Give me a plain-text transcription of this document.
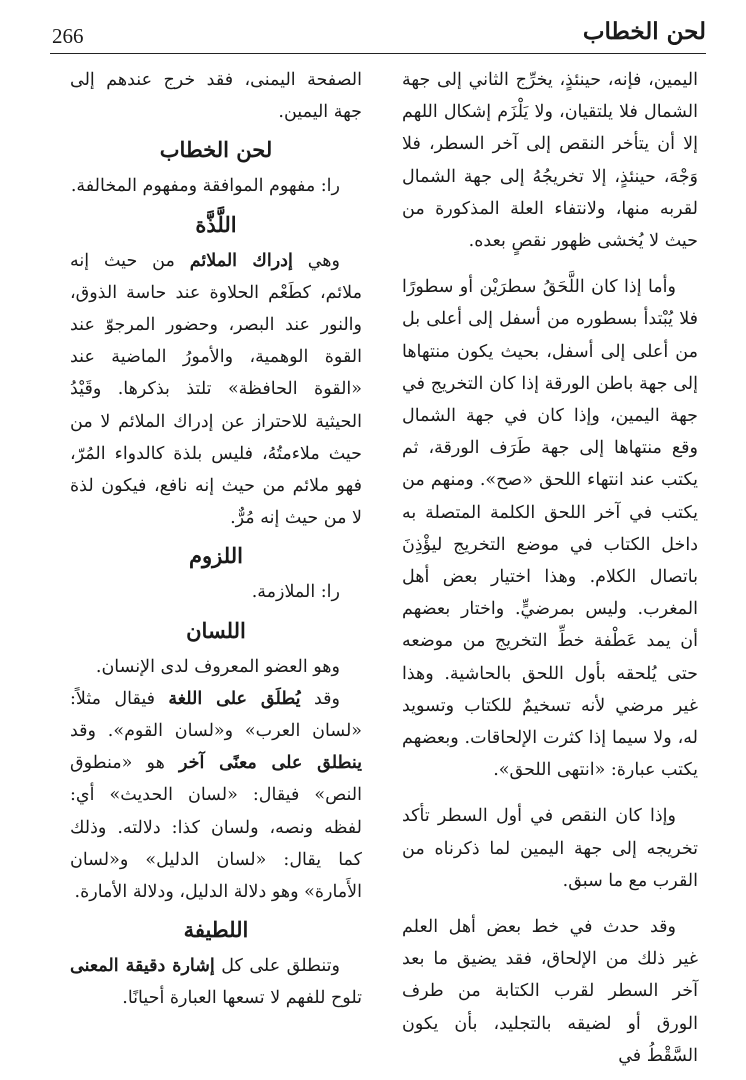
266	لحن الخطاب

اليمين، فإنه، حينئذٍ، يخرِّج الثاني إلى جهة الشمال فلا يلتقيان، ولا يَلْزَم إشكال اللهم إلا أن يتأخر النقص إلى آخر السطر، فلا وَجْهَ، حينئذٍ، إلا تخريجُهُ إلى جهة الشمال لقربه منها، ولانتفاء العلة المذكورة من حيث لا يُخشى ظهور نقصٍ بعده.

وأما إذا كان اللَّحَقُ سطرَيْن أو سطورًا فلا يُبْتدأ بسطوره من أسفل إلى أعلى بل من أعلى إلى أسفل، بحيث يكون منتهاها إلى جهة باطن الورقة إذا كان التخريج في جهة اليمين، وإذا كان في جهة الشمال وقع منتهاها إلى جهة طَرَف الورقة، ثم يكتب عند انتهاء اللحق «صح». ومنهم من يكتب في آخر اللحق الكلمة المتصلة به داخل الكتاب في موضع التخريج ليؤْذِنَ باتصال الكلام. وهذا اختيار بعض أهل المغرب. وليس بمرضيٍّ. واختار بعضهم أن يمد عَطْفة خطِّ التخريج من موضعه حتى يُلحقه بأول اللحق بالحاشية. وهذا غير مرضي لأنه تسخيمٌ للكتاب وتسويد له، ولا سيما إذا كثرت الإلحاقات. وبعضهم يكتب عبارة: «انتهى اللحق».

وإذا كان النقص في أول السطر تأكد تخريجه إلى جهة اليمين لما ذكرناه من القرب مع ما سبق.

وقد حدث في خط بعض أهل العلم غير ذلك من الإلحاق، فقد يضيق ما بعد آخر السطر لقرب الكتابة من طرف الورق أو لضيقه بالتجليد، بأن يكون السَّقْطُ في

الصفحة اليمنى، فقد خرج عندهم إلى جهة اليمين.

لحن الخطاب

را: مفهوم الموافقة ومفهوم المخالفة.

اللَّذَّة

وهي إدراك الملائم من حيث إنه ملائم، كطَعْم الحلاوة عند حاسة الذوق، والنور عند البصر، وحضور المرجوّ عند القوة الوهمية، والأمورُ الماضية عند «القوة الحافظة» تلتذ بذكرها. وقَيْدُ الحيثية للاحتراز عن إدراك الملائم لا من حيث ملاءمتُهُ، فليس بلذة كالدواء المُرّ، فهو ملائم من حيث إنه نافع، فيكون لذة لا من حيث إنه مُرٌّ.

اللزوم

را: الملازمة.

اللسان

وهو العضو المعروف لدى الإنسان.

وقد يُطلَق على اللغة فيقال مثلاً: «لسان العرب» و«لسان القوم». وقد ينطلق على معنًى آخر هو «منطوق النص» فيقال: «لسان الحديث» أي: لفظه ونصه، ولسان كذا: دلالته. وذلك كما يقال: «لسان الدليل» و«لسان الأَمارة» وهو دلالة الدليل، ودلالة الأمارة.

اللطيفة

وتنطلق على كل إشارة دقيقة المعنى تلوح للفهم لا تسعها العبارة أحيانًا.
